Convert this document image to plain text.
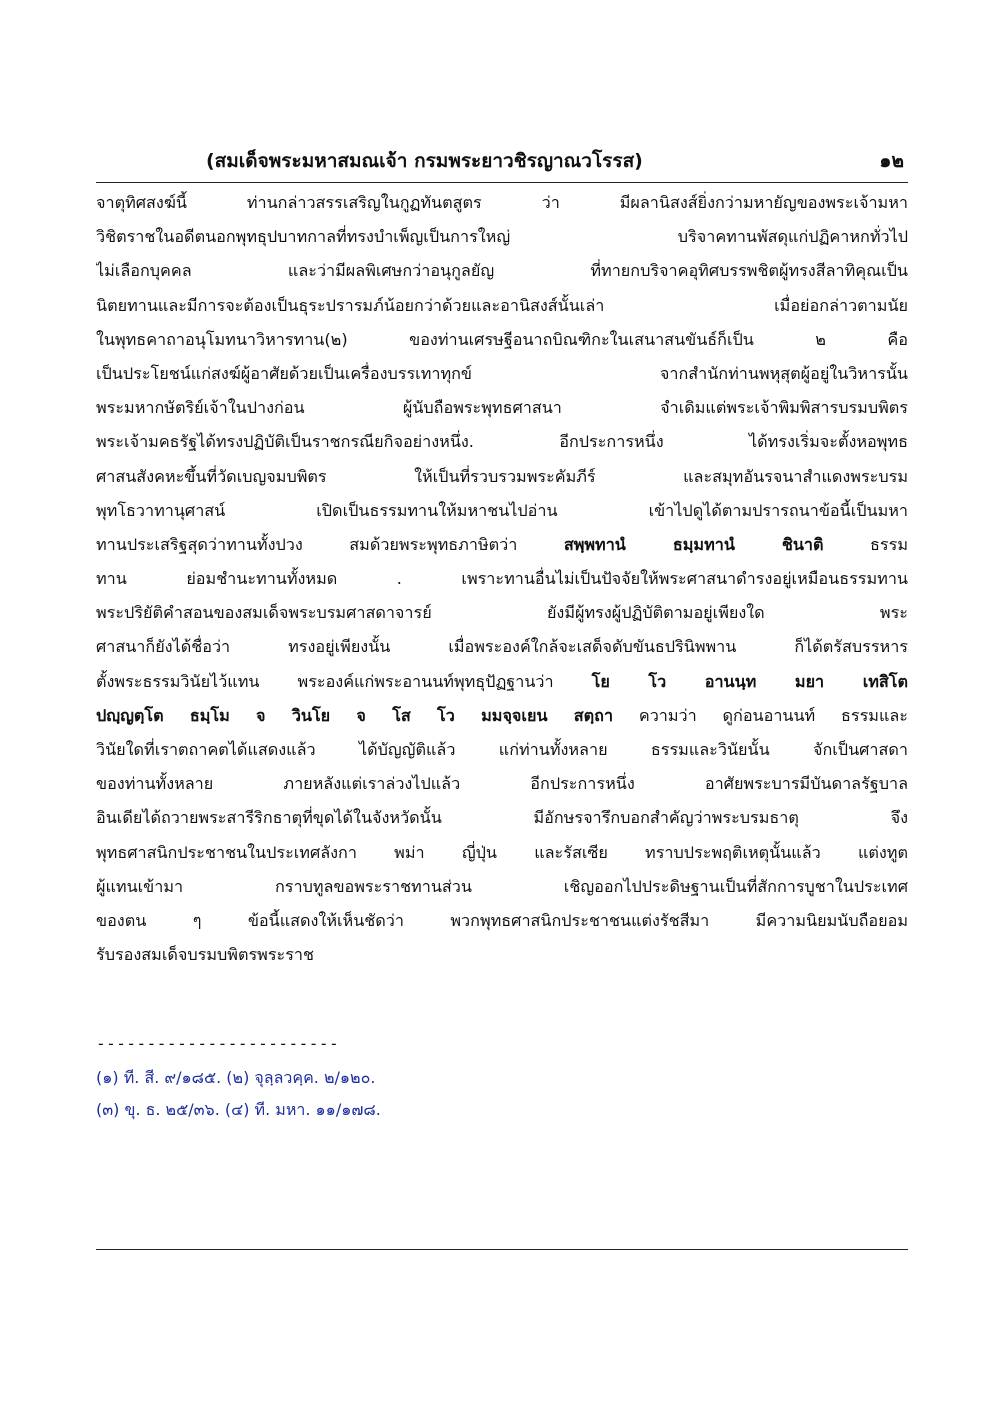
(สมเด็จพระมหาสมณเจ้า กรมพระยาวชิรญาณวโรรส)	๑๒
จาตุทิศสงฆ์นี้ ท่านกล่าวสรรเสริญในกูฏทันตสูตร ว่า มีผลานิสงส์ยิ่งกว่ามหายัญของพระเจ้ามหา
วิชิตราชในอดีตนอกพุทธุปบาทกาลที่ทรงบำเพ็ญเป็นการใหญ่ บริจาคทานพัสดุแก่ปฏิคาหกทั่วไป
ไม่เลือกบุคคล และว่ามีผลพิเศษกว่าอนุกูลยัญ ที่ทายกบริจาคอุทิศบรรพชิตผู้ทรงสีลาทิคุณเป็น
นิตยทานและมีการจะต้องเป็นธุระปรารมภ์น้อยกว่าด้วยและอานิสงส์นั้นเล่า เมื่อย่อกล่าวตามนัย
ในพุทธคาถาอนุโมทนาวิหารทาน(๒) ของท่านเศรษฐีอนาถบิณฑิกะในเสนาสนขันธ์ก็เป็น ๒ คือ
เป็นประโยชน์แก่สงฆ์ผู้อาศัยด้วยเป็นเครื่องบรรเทาทุกข์ จากสำนักท่านพหุสุตผู้อยู่ในวิหารนั้น
พระมหากษัตริย์เจ้าในปางก่อน ผู้นับถือพระพุทธศาสนา จำเดิมแต่พระเจ้าพิมพิสารบรมบพิตร
พระเจ้ามคธรัฐได้ทรงปฏิบัติเป็นราชกรณียกิจอย่างหนึ่ง. อีกประการหนึ่ง ได้ทรงเริ่มจะตั้งหอพุทธ
ศาสนสังคหะขึ้นที่วัดเบญจมบพิตร ให้เป็นที่รวบรวมพระคัมภีร์ และสมุทอันรจนาสำแดงพระบรม
พุทโธวาทานุศาสน์ เปิดเป็นธรรมทานให้มหาชนไปอ่าน เข้าไปดูได้ตามปรารถนาข้อนี้เป็นมหา
ทานประเสริฐสุดว่าทานทั้งปวง สมด้วยพระพุทธภาษิตว่า สพฺพทานํ ธมฺมทานํ ชินาติ ธรรม
ทาน ย่อมชำนะทานทั้งหมด . เพราะทานอื่นไม่เป็นปัจจัยให้พระศาสนาดำรงอยู่เหมือนธรรมทาน
พระปริยัติคำสอนของสมเด็จพระบรมศาสดาจารย์ ยังมีผู้ทรงผู้ปฏิบัติตามอยู่เพียงใด พระ
ศาสนาก็ยังได้ชื่อว่า ทรงอยู่เพียงนั้น เมื่อพระองค์ใกล้จะเสด็จดับขันธปรินิพพาน ก็ได้ตรัสบรรหาร
ตั้งพระธรรมวินัยไว้แทน พระองค์แก่พระอานนท์พุทธุปัฏฐานว่า โย โว อานนฺท มยา เทสิโต
ปญฺญตฺโต ธมฺโม จ วินโย จ โส โว มมจฺจเยน สตฺถา ความว่า ดูก่อนอานนท์ ธรรมและ
วินัยใดที่เราตถาคตได้แสดงแล้ว ได้บัญญัติแล้ว แก่ท่านทั้งหลาย ธรรมและวินัยนั้น จักเป็นศาสดา
ของท่านทั้งหลาย ภายหลังแต่เราล่วงไปแล้ว อีกประการหนึ่ง อาศัยพระบารมีบันดาลรัฐบาล
อินเดียได้ถวายพระสารีริกธาตุที่ขุดได้ในจังหวัดนั้น มีอักษรจารึกบอกสำคัญว่าพระบรมธาตุ จึง
พุทธศาสนิกประชาชนในประเทศลังกา พม่า ญี่ปุ่น และรัสเซีย ทราบประพฤติเหตุนั้นแล้ว แต่งทูต
ผู้แทนเข้ามา กราบทูลขอพระราชทานส่วน เชิญออกไปประดิษฐานเป็นที่สักการบูชาในประเทศ
ของตน ๆ ข้อนี้แสดงให้เห็นชัดว่า พวกพุทธศาสนิกประชาชนแต่งรัชสีมา มีความนิยมนับถือยอม
รับรองสมเด็จบรมบพิตรพระราช
------------------------
(๑) ที. สี. ๙/๑๘๕. (๒) จุลฺลวคฺค. ๒/๑๒๐.
(๓) ขุ. ธ. ๒๕/๓๖. (๔) ที. มหา. ๑๑/๑๗๘.
